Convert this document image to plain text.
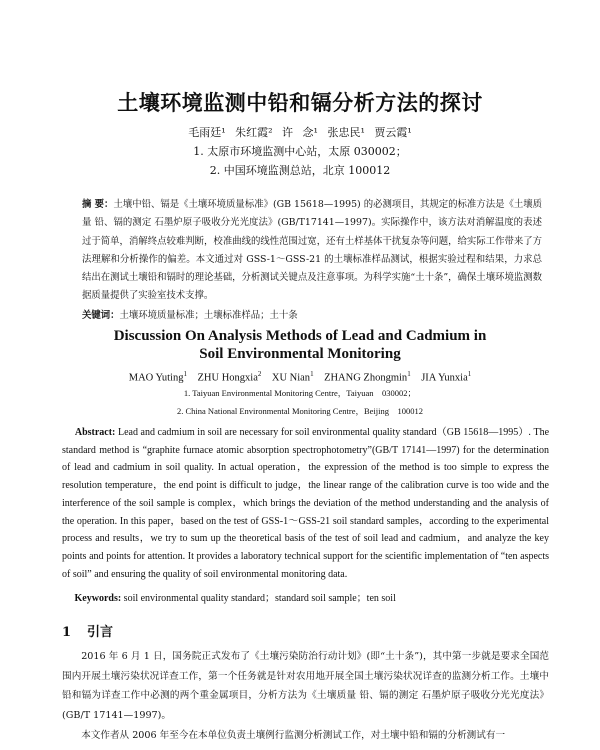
土壤环境监测中铅和镉分析方法的探讨
毛雨廷¹ 朱红霞² 许 念¹ 张忠民¹ 贾云霞¹
1. 太原市环境监测中心站，太原 030002；
2. 中国环境监测总站，北京 100012
摘 要：土壤中铅、镉是《土壤环境质量标准》(GB 15618—1995) 的必测项目，其规定的标准方法是《土壤质量 铅、镉的测定 石墨炉原子吸收分光光度法》(GB/T17141—1997)。实际操作中，该方法对消解温度的表述过于简单，消解终点较难判断，校准曲线的线性范围过宽，还有土样基体干扰复杂等问题，给实际工作带来了方法理解和分析操作的偏差。本文通过对 GSS-1～GSS-21 的土壤标准样品测试，根据实验过程和结果，力求总结出在测试土壤铅和镉时的理论基础，分析测试关键点及注意事项。为科学实施“土十条”，确保土壤环境监测数据质量提供了实验室技术支撑。
关键词：土壤环境质量标准；土壤标准样品；土十条
Discussion On Analysis Methods of Lead and Cadmium in
Soil Environmental Monitoring
MAO Yuting$^1$ ZHU Hongxia$^2$ XU Nian$^1$ ZHANG Zhongmin$^1$ JIA Yunxia$^1$
1. Taiyuan Environmental Monitoring Centre，Taiyuan　030002；
2. China National Environmental Monitoring Centre，Beijing　100012
Abstract: Lead and cadmium in soil are necessary for soil environmental quality standard（GB 15618—1995）. The standard method is “graphite furnace atomic absorption spectrophotometry”(GB/T 17141—1997) for the determination of lead and cadmium in soil quality. In actual operation，the expression of the method is too simple to express the resolution temperature，the end point is difficult to judge，the linear range of the calibration curve is too wide and the interference of the soil sample is complex，which brings the deviation of the method understanding and the analysis of the operation. In this paper，based on the test of GSS-1～GSS-21 soil standard samples，according to the experimental process and results，we try to sum up the theoretical basis of the test of soil lead and cadmium，and analyze the key points and points for attention. It provides a laboratory technical support for the scientific implementation of “ten aspects of soil” and ensuring the quality of soil environmental monitoring data.
Keywords: soil environmental quality standard；standard soil sample；ten soil
1 引言

2016 年 6 月 1 日，国务院正式发布了《土壤污染防治行动计划》(即“土十条”)，其中第一步就是要求全国范围内开展土壤污染状况详查工作，第一个任务就是针对农用地开展全国土壤污染状况详查的监测分析工作。土壤中铅和镉为详查工作中必测的两个重金属项目，分析方法为《土壤质量 铅、镉的测定 石墨炉原子吸收分光光度法》(GB/T 17141—1997)。

本文作者从 2006 年至今在本单位负责土壤例行监测分析测试工作，对土壤中铅和镉的分析测试有一
